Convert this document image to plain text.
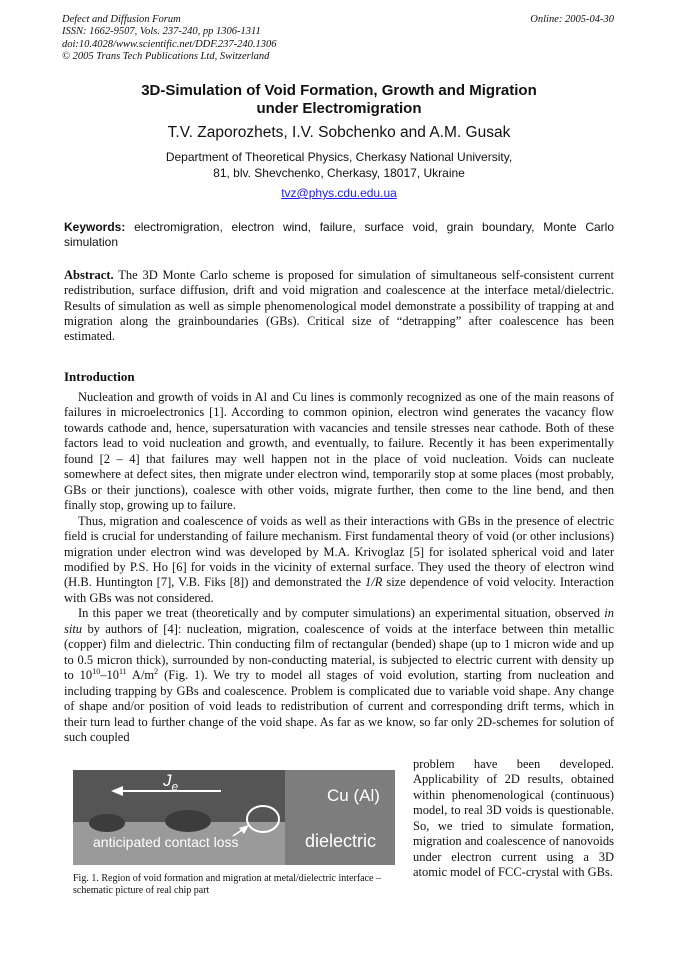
Defect and Diffusion Forum
ISSN: 1662-9507, Vols. 237-240, pp 1306-1311
doi:10.4028/www.scientific.net/DDF.237-240.1306
© 2005 Trans Tech Publications Ltd, Switzerland
Online: 2005-04-30
3D-Simulation of Void Formation, Growth and Migration
under Electromigration
T.V. Zaporozhets, I.V. Sobchenko and A.M. Gusak
Department of Theoretical Physics, Cherkasy National University,
81, blv. Shevchenko, Cherkasy, 18017, Ukraine
tvz@phys.cdu.edu.ua
Keywords: electromigration, electron wind, failure, surface void, grain boundary, Monte Carlo simulation
Abstract. The 3D Monte Carlo scheme is proposed for simulation of simultaneous self-consistent current redistribution, surface diffusion, drift and void migration and coalescence at the interface metal/dielectric. Results of simulation as well as simple phenomenological model demonstrate a possibility of trapping at and migration along the grainboundaries (GBs). Critical size of “detrapping” after coalescence has been estimated.
Introduction

Nucleation and growth of voids in Al and Cu lines is commonly recognized as one of the main reasons of failures in microelectronics [1]. According to common opinion, electron wind generates the vacancy flow towards cathode and, hence, supersaturation with vacancies and tensile stresses near cathode. Both of these factors lead to void nucleation and growth, and eventually, to failure. Recently it has been experimentally found [2 – 4] that failures may well happen not in the place of void nucleation. Voids can nucleate somewhere at defect sites, then migrate under electron wind, temporarily stop at some places (most probably, GBs or their junctions), coalesce with other voids, migrate further, then come to the line bend, and then finally stop, growing up to failure.

Thus, migration and coalescence of voids as well as their interactions with GBs in the presence of electric field is crucial for understanding of failure mechanism. First fundamental theory of void (or other inclusions) migration under electron wind was developed by M.A. Krivoglaz [5] for isolated spherical void and later modified by P.S. Ho [6] for voids in the vicinity of external surface. They used the theory of electron wind (H.B. Huntington [7], V.B. Fiks [8]) and demonstrated the 1/R size dependence of void velocity. Interaction with GBs was not considered.

In this paper we treat (theoretically and by computer simulations) an experimental situation, observed in situ by authors of [4]: nucleation, migration, coalescence of voids at the interface between thin metallic (copper) film and dielectric. Thin conducting film of rectangular (bended) shape (up to 1 micron wide and up to 0.5 micron thick), surrounded by non-conducting material, is subjected to electric current with density up to $10^{10}-10^{11}$ $A/m^2$ (Fig. 1). We try to model all stages of void evolution, starting from nucleation and including trapping by GBs and coalescence. Problem is complicated due to variable void shape. Any change of shape and/or position of void leads to redistribution of current and corresponding drift terms, which in their turn lead to further change of the void shape. As far as we know, so far only 2D-schemes for solution of such coupled

problem have been developed. Applicability of 2D results, obtained within phenomenological (continuous) model, to real 3D voids is questionable. So, we tried to simulate formation, migration and coalescence of nanovoids under electron current using a 3D atomic model of FCC-crystal with GBs.
$J_e$	Cu (Al)
anticipated contact loss	dielectric
Fig. 1. Region of void formation and migration at metal/dielectric interface – schematic picture of real chip part
